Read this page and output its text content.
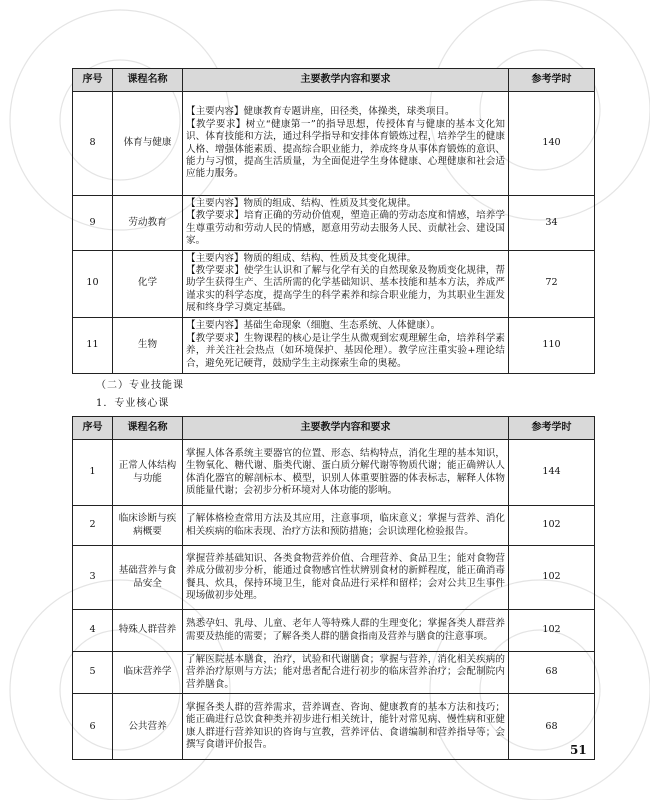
序号	课程名称	主要教学内容和要求	参考学时
8	体育与健康	【主要内容】健康教育专题讲座，田径类，体操类，球类项目。

【教学要求】树立“健康第一”的指导思想，传授体育与健康的基本文化知识、体育技能和方法，通过科学指导和安排体育锻炼过程，培养学生的健康人格、增强体能素质、提高综合职业能力，养成终身从事体育锻炼的意识、能力与习惯，提高生活质量，为全面促进学生身体健康、心理健康和社会适应能力服务。	140
9	劳动教育	【主要内容】物质的组成、结构、性质及其变化规律。

【教学要求】培育正确的劳动价值观，塑造正确的劳动态度和情感，培养学生尊重劳动和劳动人民的情感，愿意用劳动去服务人民、贡献社会、建设国家。	34
10	化学	【主要内容】物质的组成、结构、性质及其变化规律。

【教学要求】使学生认识和了解与化学有关的自然现象及物质变化规律，帮助学生获得生产、生活所需的化学基础知识、基本技能和基本方法，养成严谨求实的科学态度，提高学生的科学素养和综合职业能力，为其职业生涯发展和终身学习奠定基础。	72
11	生物	【主要内容】基础生命现象（细胞、生态系统、人体健康）。

【教学要求】生物课程的核心是让学生从微观到宏观理解生命，培养科学素养，并关注社会热点（如环境保护、基因伦理）。教学应注重实验+理论结合，避免死记硬背，鼓励学生主动探索生命的奥秘。	110
（二）专业技能课
1．专业核心课
序号	课程名称	主要教学内容和要求	参考学时
1	正常人体结构与功能	掌握人体各系统主要器官的位置、形态、结构特点，消化生理的基本知识，生物氧化、糖代谢、脂类代谢、蛋白质分解代谢等物质代谢；能正确辨认人体消化器官的解剖标本、模型，识别人体重要脏器的体表标志，解释人体物质能量代谢；会初步分析环境对人体功能的影响。	144
2	临床诊断与疾病概要	了解体格检查常用方法及其应用，注意事项，临床意义；掌握与营养、消化相关疾病的临床表现、治疗方法和预防措施；会识读理化检验报告。	102
3	基础营养与食品安全	掌握营养基础知识、各类食物营养价值、合理营养、食品卫生；能对食物营养成分做初步分析，能通过食物感官性状辨别食材的新鲜程度，能正确消毒餐具、炊具，保持环境卫生，能对食品进行采样和留样；会对公共卫生事件现场做初步处理。	102
4	特殊人群营养	熟悉孕妇、乳母、儿童、老年人等特殊人群的生理变化；掌握各类人群营养需要及热能的需要；了解各类人群的膳食指南及营养与膳食的注意事项。	102
5	临床营养学	了解医院基本膳食，治疗，试验和代谢膳食；掌握与营养，消化相关疾病的营养治疗原则与方法；能对患者配合进行初步的临床营养治疗；会配制院内营养膳食。	68
6	公共营养	掌握各类人群的营养需求，营养调查、咨询、健康教育的基本方法和技巧；能正确进行总饮食种类并初步进行相关统计，能针对常见病、慢性病和亚健康人群进行营养知识的咨询与宣教，营养评估、食谱编制和营养指导等；会撰写食谱评价报告。	68
51
